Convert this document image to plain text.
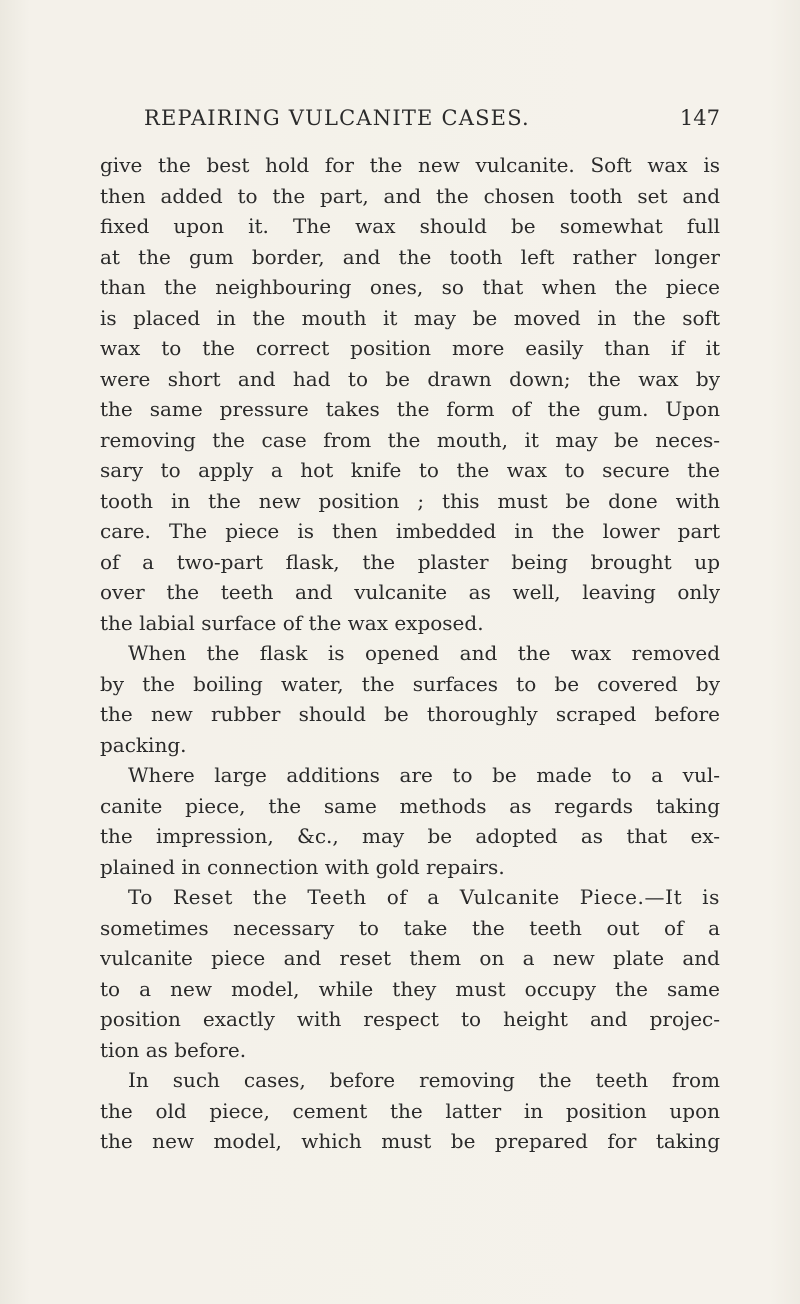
REPAIRING VULCANITE CASES.	147
give the best hold for the new vulcanite. Soft wax is
then added to the part, and the chosen tooth set and
fixed upon it. The wax should be somewhat full
at the gum border, and the tooth left rather longer
than the neighbouring ones, so that when the piece
is placed in the mouth it may be moved in the soft
wax to the correct position more easily than if it
were short and had to be drawn down; the wax by
the same pressure takes the form of the gum. Upon
removing the case from the mouth, it may be neces-
sary to apply a hot knife to the wax to secure the
tooth in the new position ; this must be done with
care. The piece is then imbedded in the lower part
of a two-part flask, the plaster being brought up
over the teeth and vulcanite as well, leaving only
the labial surface of the wax exposed.
When the flask is opened and the wax removed
by the boiling water, the surfaces to be covered by
the new rubber should be thoroughly scraped before
packing.
Where large additions are to be made to a vul-
canite piece, the same methods as regards taking
the impression, &c., may be adopted as that ex-
plained in connection with gold repairs.
To Reset the Teeth of a Vulcanite Piece.—It is
sometimes necessary to take the teeth out of a
vulcanite piece and reset them on a new plate and
to a new model, while they must occupy the same
position exactly with respect to height and projec-
tion as before.
In such cases, before removing the teeth from
the old piece, cement the latter in position upon
the new model, which must be prepared for taking
